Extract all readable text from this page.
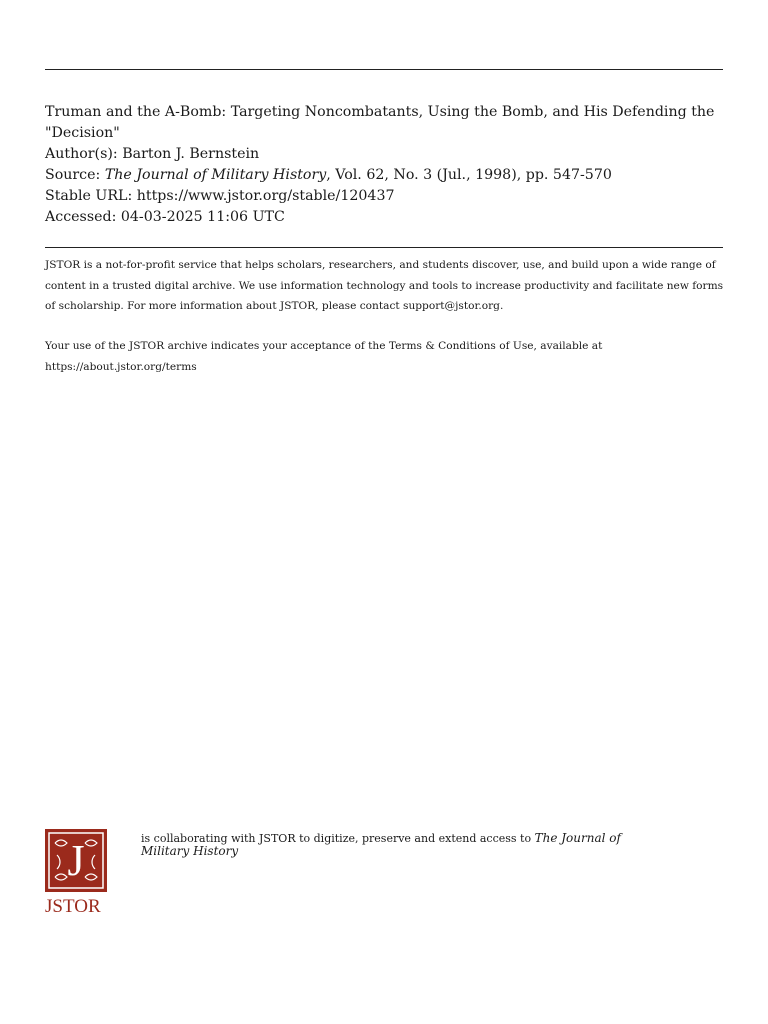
Truman and the A-Bomb: Targeting Noncombatants, Using the Bomb, and His Defending the "Decision"
Author(s): Barton J. Bernstein
Source: The Journal of Military History, Vol. 62, No. 3 (Jul., 1998), pp. 547-570
Stable URL: https://www.jstor.org/stable/120437
Accessed: 04-03-2025 11:06 UTC
JSTOR is a not-for-profit service that helps scholars, researchers, and students discover, use, and build upon a wide range of content in a trusted digital archive. We use information technology and tools to increase productivity and facilitate new forms of scholarship. For more information about JSTOR, please contact support@jstor.org.
Your use of the JSTOR archive indicates your acceptance of the Terms & Conditions of Use, available at https://about.jstor.org/terms
J
JSTOR
is collaborating with JSTOR to digitize, preserve and extend access to The Journal of Military History
